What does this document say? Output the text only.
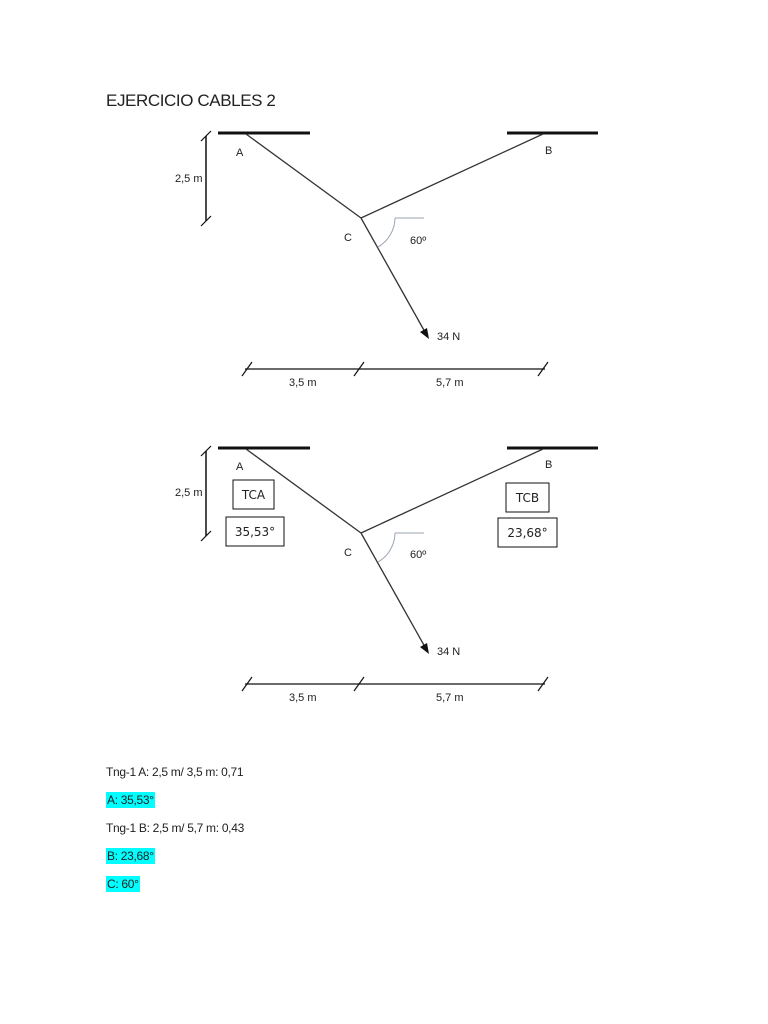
EJERCICIO CABLES 2
A	B
C
2,5 m
60º
34 N
3,5 m	5,7 m
TCA
35,53°
TCB
23,68°
A	B
C
2,5 m
60º
34 N
3,5 m	5,7 m
Tng-1 A: 2,5 m/ 3,5 m: 0,71
A: 35,53°
Tng-1 B: 2,5 m/ 5,7 m: 0,43
B: 23,68°
C: 60°
